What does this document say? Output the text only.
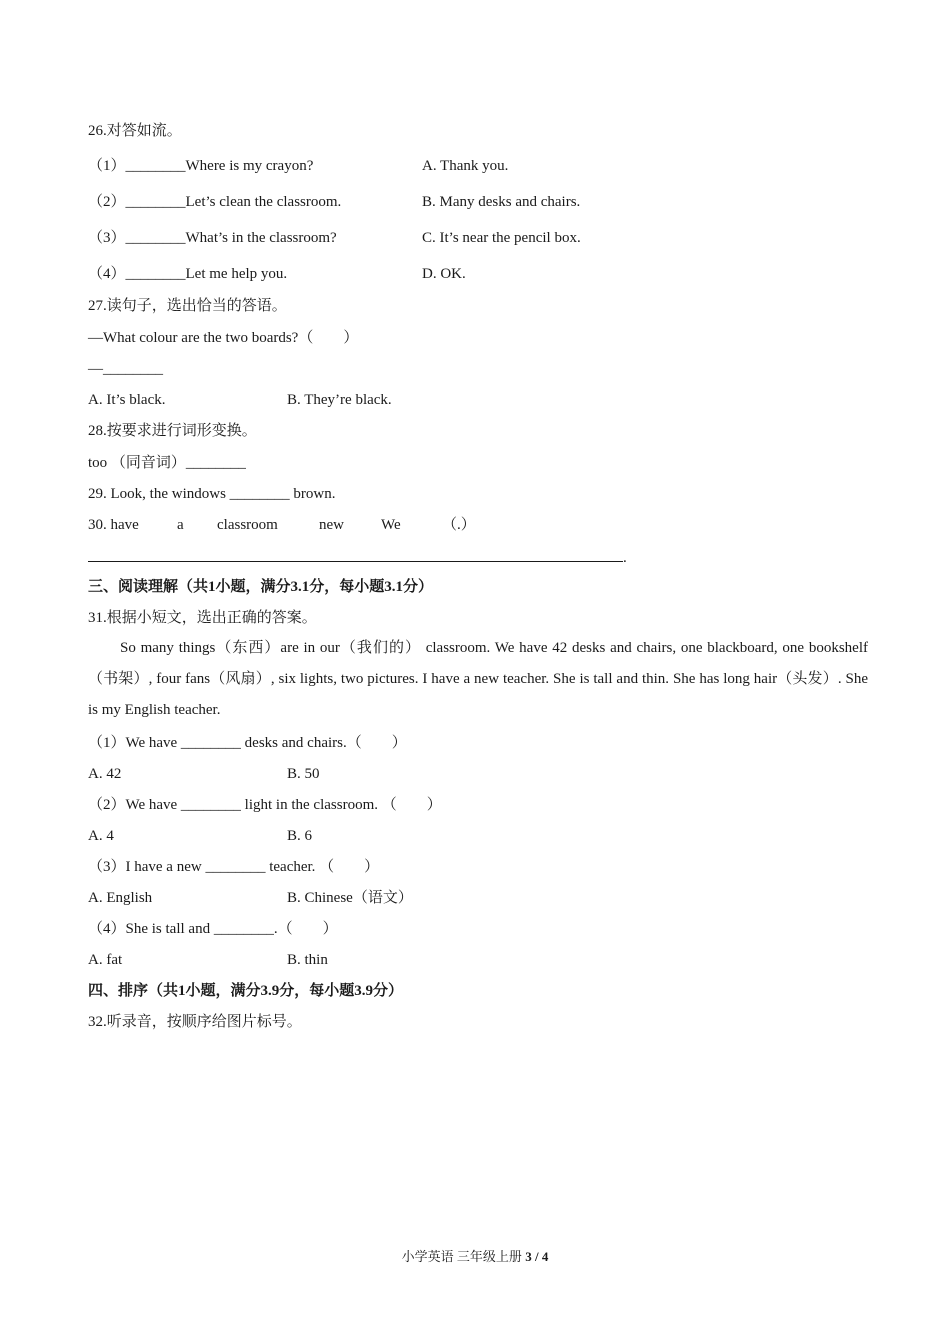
26.对答如流。
（1）________Where is my crayon?	A. Thank you.
（2）________Let’s clean the classroom.	B. Many desks and chairs.
（3）________What’s in the classroom?	C. It’s near the pencil box.
（4）________Let me help you.	D. OK.
27.读句子，选出恰当的答语。
—What colour are the two boards?（　　）
—________
A. It’s black.	B. They’re black.
28.按要求进行词形变换。
too （同音词）________
29. Look, the windows ________ brown.
30. have	a classroom	new We	（.）
.
三、阅读理解（共1小题，满分3.1分，每小题3.1分）
31.根据小短文，选出正确的答案。
So many things（东西）are in our（我们的） classroom. We have 42 desks and chairs, one blackboard, one bookshelf（书架）, four fans（风扇）, six lights, two pictures. I have a new teacher. She is tall and thin. She has long hair（头发）. She is my English teacher.
（1）We have ________ desks and chairs.（　　）
A. 42	B. 50
（2）We have ________ light in the classroom. （　　）
A. 4	B. 6
（3）I have a new ________ teacher. （　　）
A. English	B. Chinese（语文）
（4）She is tall and ________.（　　）
A. fat	B. thin
四、排序（共1小题，满分3.9分，每小题3.9分）
32.听录音，按顺序给图片标号。
小学英语 三年级上册 3 / 4
